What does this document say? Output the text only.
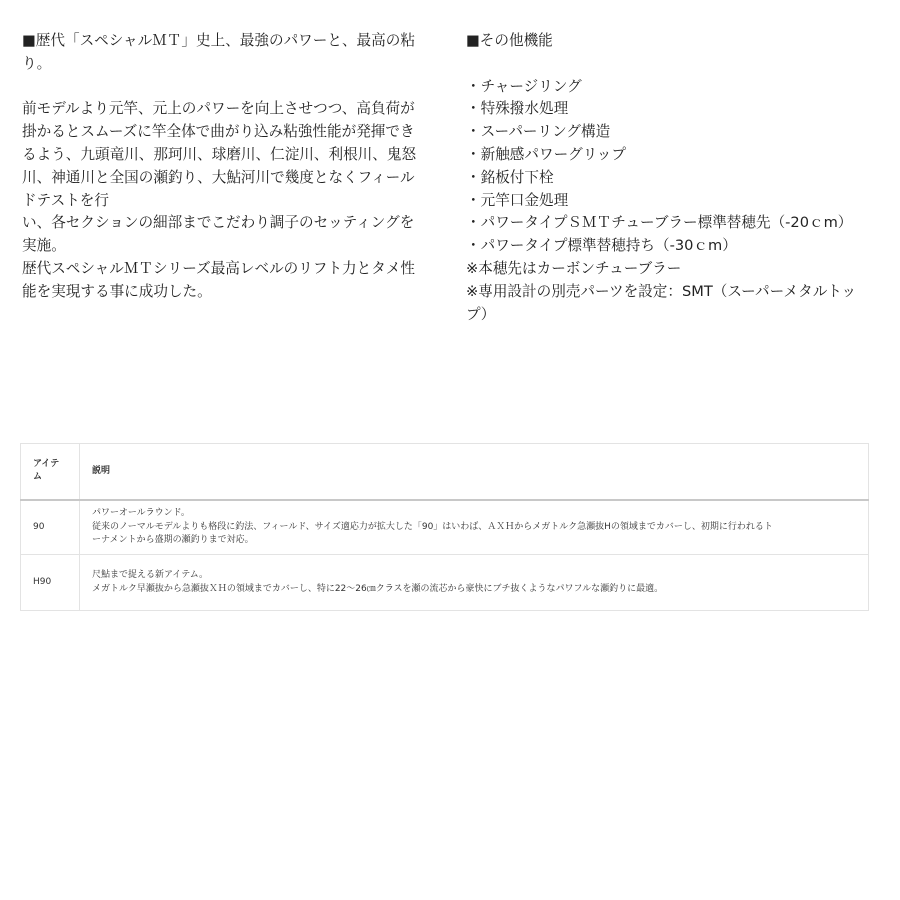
■歴代「スペシャルＭＴ」史上、最強のパワーと、最高の粘
り。

前モデルより元竿、元上のパワーを向上させつつ、高負荷が
掛かるとスムーズに竿全体で曲がり込み粘強性能が発揮でき
るよう、九頭竜川、那珂川、球磨川、仁淀川、利根川、鬼怒
川、神通川と全国の瀬釣り、大鮎河川で幾度となくフィール
ドテストを行
い、各セクションの細部までこだわり調子のセッティングを
実施。
歴代スペシャルＭＴシリーズ最高レベルのリフト力とタメ性
能を実現する事に成功した。

■その他機能

・チャージリング
・特殊撥水処理
・スーパーリング構造
・新触感パワーグリップ
・銘板付下栓
・元竿口金処理
・パワータイプＳＭＴチューブラー標準替穂先（-20ｃm）
・パワータイプ標準替穂持ち（-30ｃm）
※本穂先はカーボンチューブラー
※専用設計の別売パーツを設定：SMT（スーパーメタルトッ
プ）

アイテ
ム	説明
90	パワーオールラウンド。
従来のノーマルモデルよりも格段に釣法、フィールド、サイズ適応力が拡大した「90」はいわば、ＡＸＨからメガトルク急瀬抜Hの領域までカバーし、初期に行われるト
ーナメントから盛期の瀬釣りまで対応。

H90	尺鮎まで捉える新アイテム。
メガトルク早瀬抜から急瀬抜ＸＨの領域までカバーし、特に22～26㎝クラスを瀬の流芯から豪快にブチ抜くようなパワフルな瀬釣りに最適。
